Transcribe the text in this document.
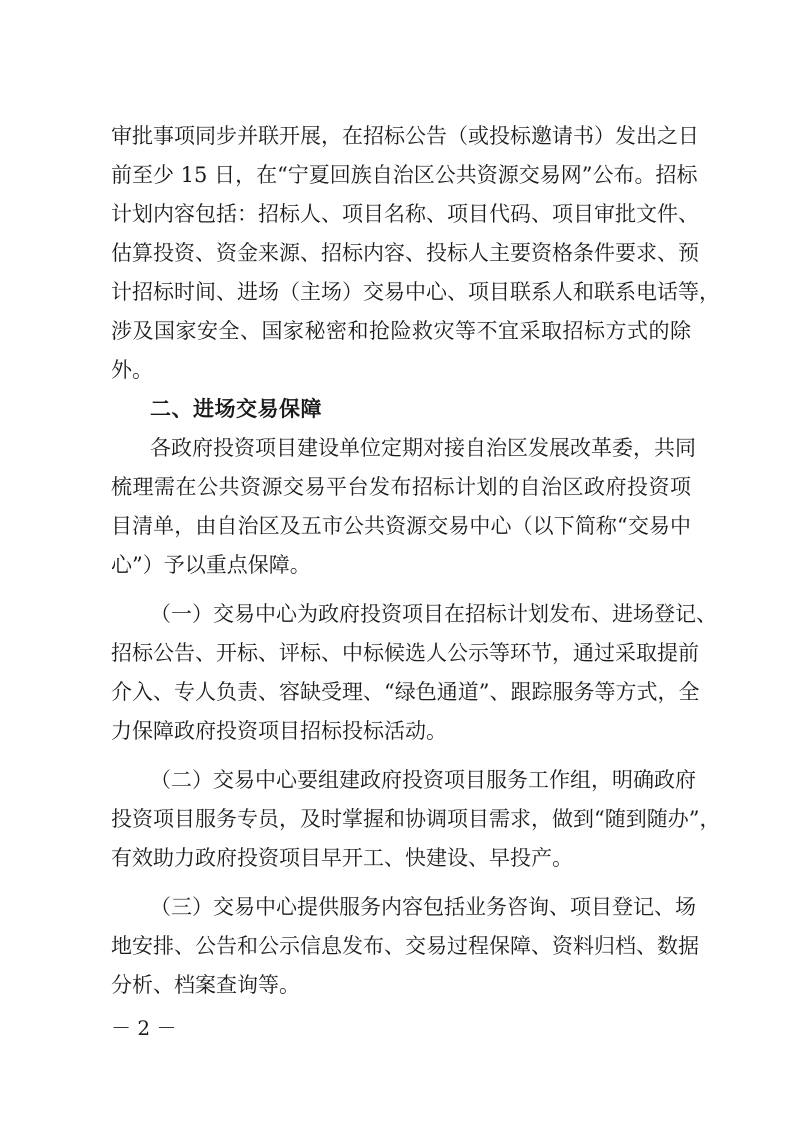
审批事项同步并联开展，在招标公告（或投标邀请书）发出之日
前至少 15 日，在“宁夏回族自治区公共资源交易网”公布。招标
计划内容包括：招标人、项目名称、项目代码、项目审批文件、
估算投资、资金来源、招标内容、投标人主要资格条件要求、预
计招标时间、进场（主场）交易中心、项目联系人和联系电话等，
涉及国家安全、国家秘密和抢险救灾等不宜采取招标方式的除
外。
二、进场交易保障
各政府投资项目建设单位定期对接自治区发展改革委，共同
梳理需在公共资源交易平台发布招标计划的自治区政府投资项
目清单，由自治区及五市公共资源交易中心（以下简称“交易中
心”）予以重点保障。
（一）交易中心为政府投资项目在招标计划发布、进场登记、
招标公告、开标、评标、中标候选人公示等环节，通过采取提前
介入、专人负责、容缺受理、“绿色通道”、跟踪服务等方式，全
力保障政府投资项目招标投标活动。
（二）交易中心要组建政府投资项目服务工作组，明确政府
投资项目服务专员，及时掌握和协调项目需求，做到“随到随办”，
有效助力政府投资项目早开工、快建设、早投产。
（三）交易中心提供服务内容包括业务咨询、项目登记、场
地安排、公告和公示信息发布、交易过程保障、资料归档、数据
分析、档案查询等。
－ 2 －
